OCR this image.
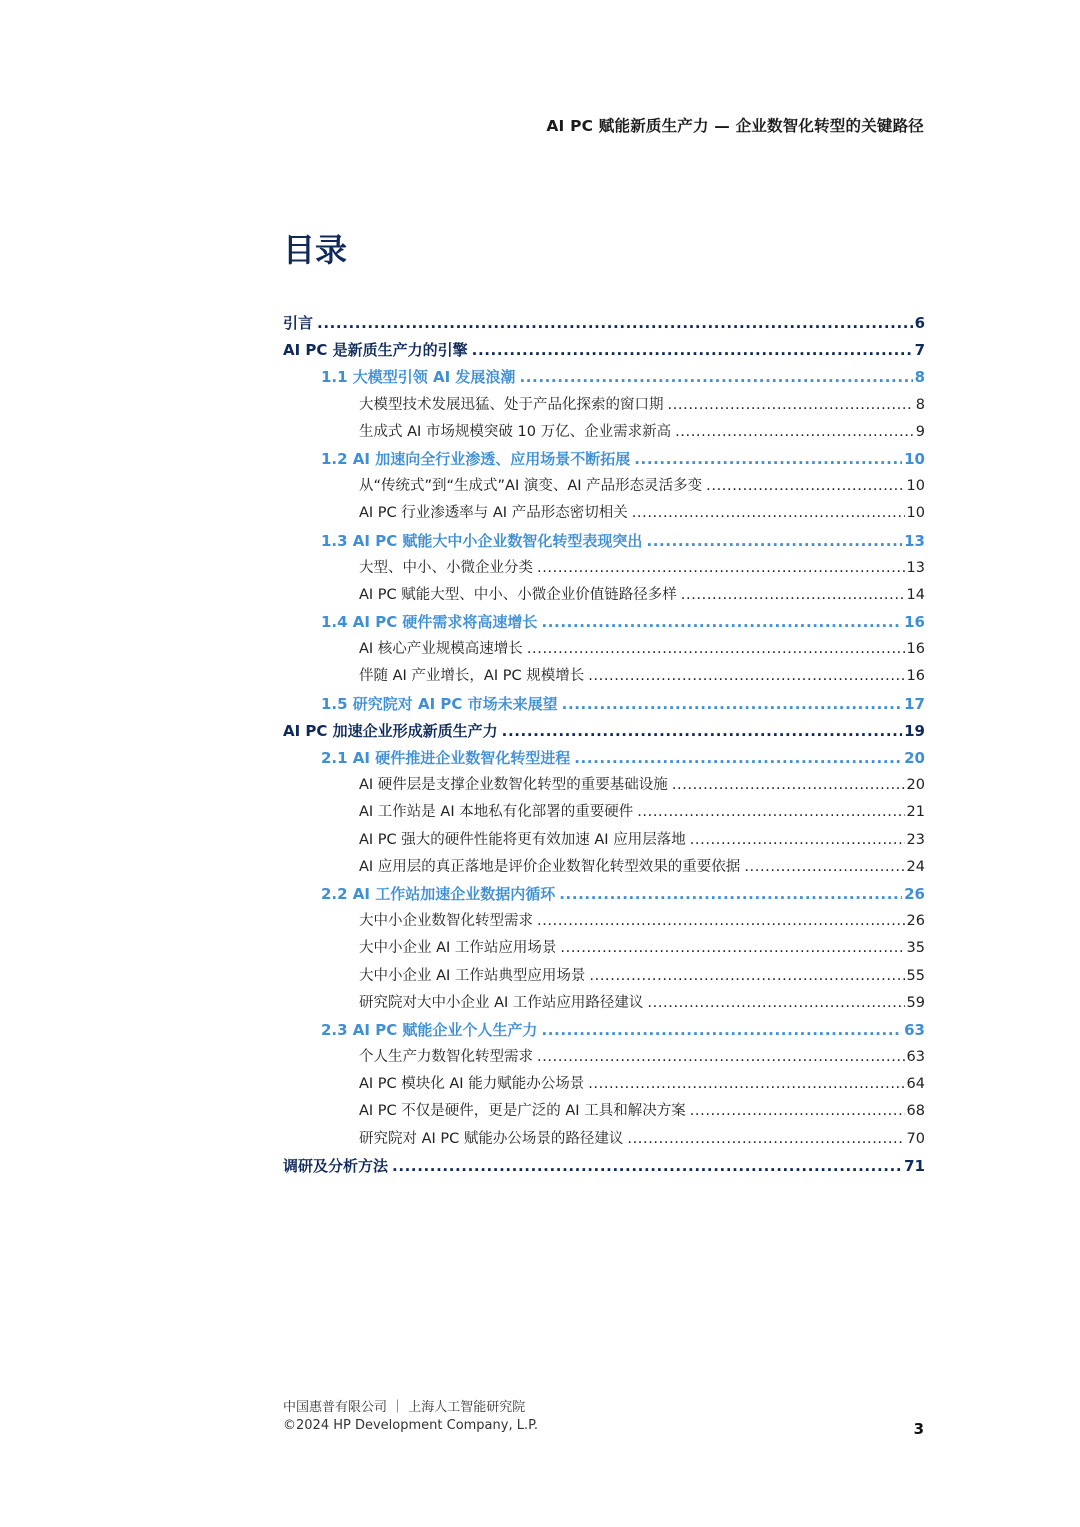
AI PC 赋能新质生产力 — 企业数智化转型的关键路径
目录
引言 .....	6
AI PC 是新质生产力的引擎 .....	7
1.1 大模型引领 AI 发展浪潮 .....	8
大模型技术发展迅猛、处于产品化探索的窗口期 .....	8
生成式 AI 市场规模突破 10 万亿、企业需求新高 .....	9
1.2 AI 加速向全行业渗透、应用场景不断拓展 .....	10
从“传统式”到“生成式”AI 演变、AI 产品形态灵活多变 .....	10
AI PC 行业渗透率与 AI 产品形态密切相关 .....	10
1.3 AI PC 赋能大中小企业数智化转型表现突出 .....	13
大型、中小、小微企业分类 .....	13
AI PC 赋能大型、中小、小微企业价值链路径多样 .....	14
1.4 AI PC 硬件需求将高速增长 .....	16
AI 核心产业规模高速增长 .....	16
伴随 AI 产业增长，AI PC 规模增长 .....	16
1.5 研究院对 AI PC 市场未来展望 .....	17
AI PC 加速企业形成新质生产力 .....	19
2.1 AI 硬件推进企业数智化转型进程 .....	20
AI 硬件层是支撑企业数智化转型的重要基础设施 .....	20
AI 工作站是 AI 本地私有化部署的重要硬件 .....	21
AI PC 强大的硬件性能将更有效加速 AI 应用层落地 .....	23
AI 应用层的真正落地是评价企业数智化转型效果的重要依据 .....	24
2.2 AI 工作站加速企业数据内循环 .....	26
大中小企业数智化转型需求 .....	26
大中小企业 AI 工作站应用场景 .....	35
大中小企业 AI 工作站典型应用场景 .....	55
研究院对大中小企业 AI 工作站应用路径建议 .....	59
2.3 AI PC 赋能企业个人生产力 .....	63
个人生产力数智化转型需求 .....	63
AI PC 模块化 AI 能力赋能办公场景 .....	64
AI PC 不仅是硬件，更是广泛的 AI 工具和解决方案 .....	68
研究院对 AI PC 赋能办公场景的路径建议 .....	70
调研及分析方法 .....	71
中国惠普有限公司 ｜ 上海人工智能研究院
©2024 HP Development Company, L.P.	3
